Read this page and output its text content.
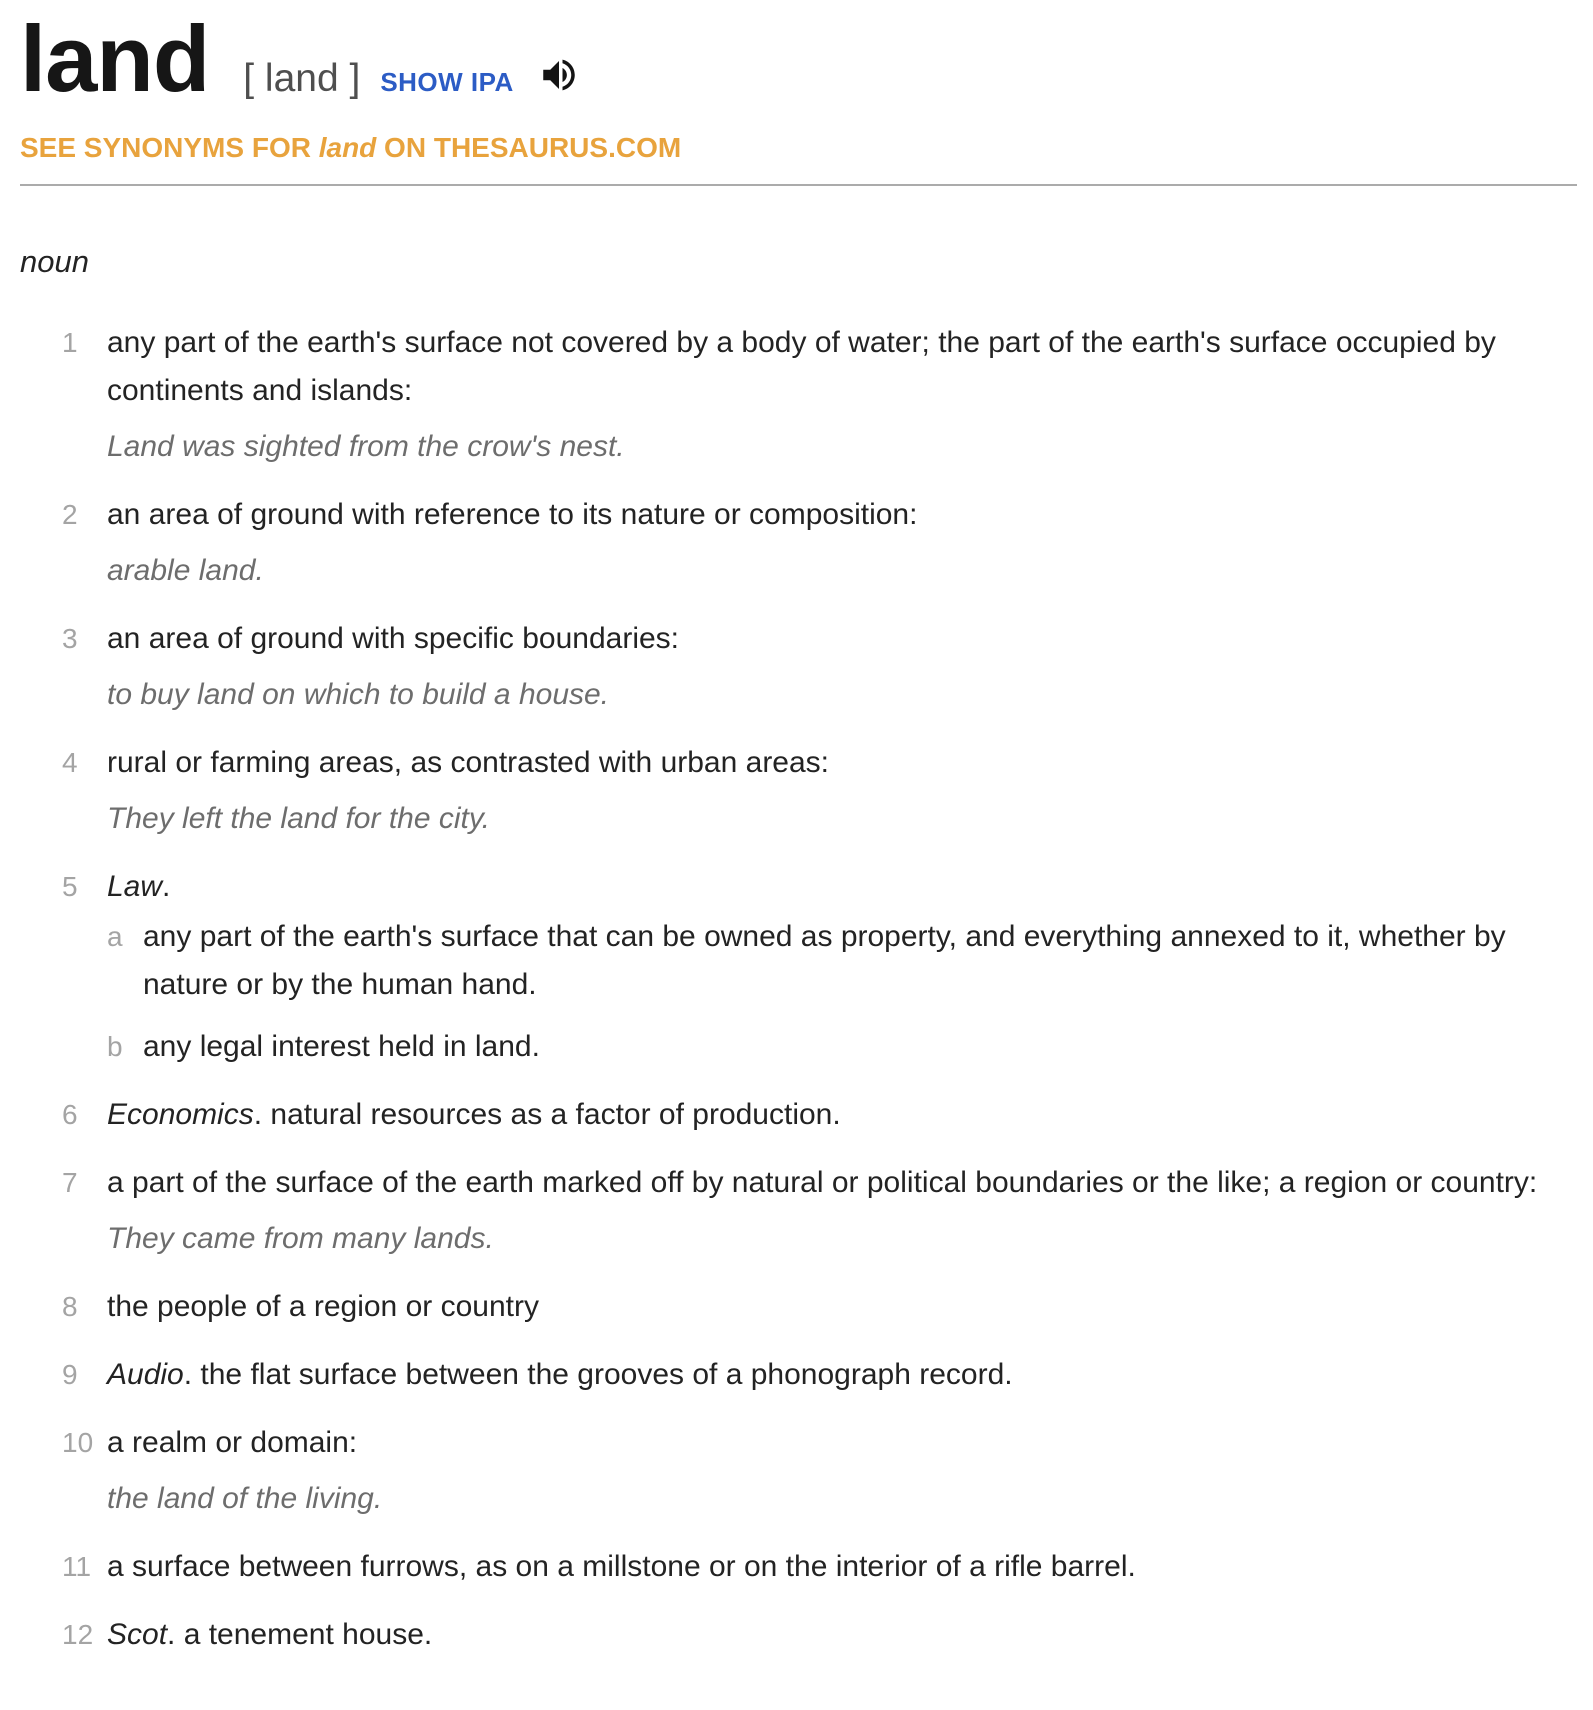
land [ land ] SHOW IPA
SEE SYNONYMS FOR land ON THESAURUS.COM
noun
1 any part of the earth's surface not covered by a body of water; the part of the earth's surface occupied by continents and islands:
Land was sighted from the crow's nest.
2 an area of ground with reference to its nature or composition:
arable land.
3 an area of ground with specific boundaries:
to buy land on which to build a house.
4 rural or farming areas, as contrasted with urban areas:
They left the land for the city.
5 Law.
a any part of the earth's surface that can be owned as property, and everything annexed to it, whether by nature or by the human hand.
b any legal interest held in land.
6 Economics. natural resources as a factor of production.
7 a part of the surface of the earth marked off by natural or political boundaries or the like; a region or country:
They came from many lands.
8 the people of a region or country
9 Audio. the flat surface between the grooves of a phonograph record.
10 a realm or domain:
the land of the living.
11 a surface between furrows, as on a millstone or on the interior of a rifle barrel.
12 Scot. a tenement house.
